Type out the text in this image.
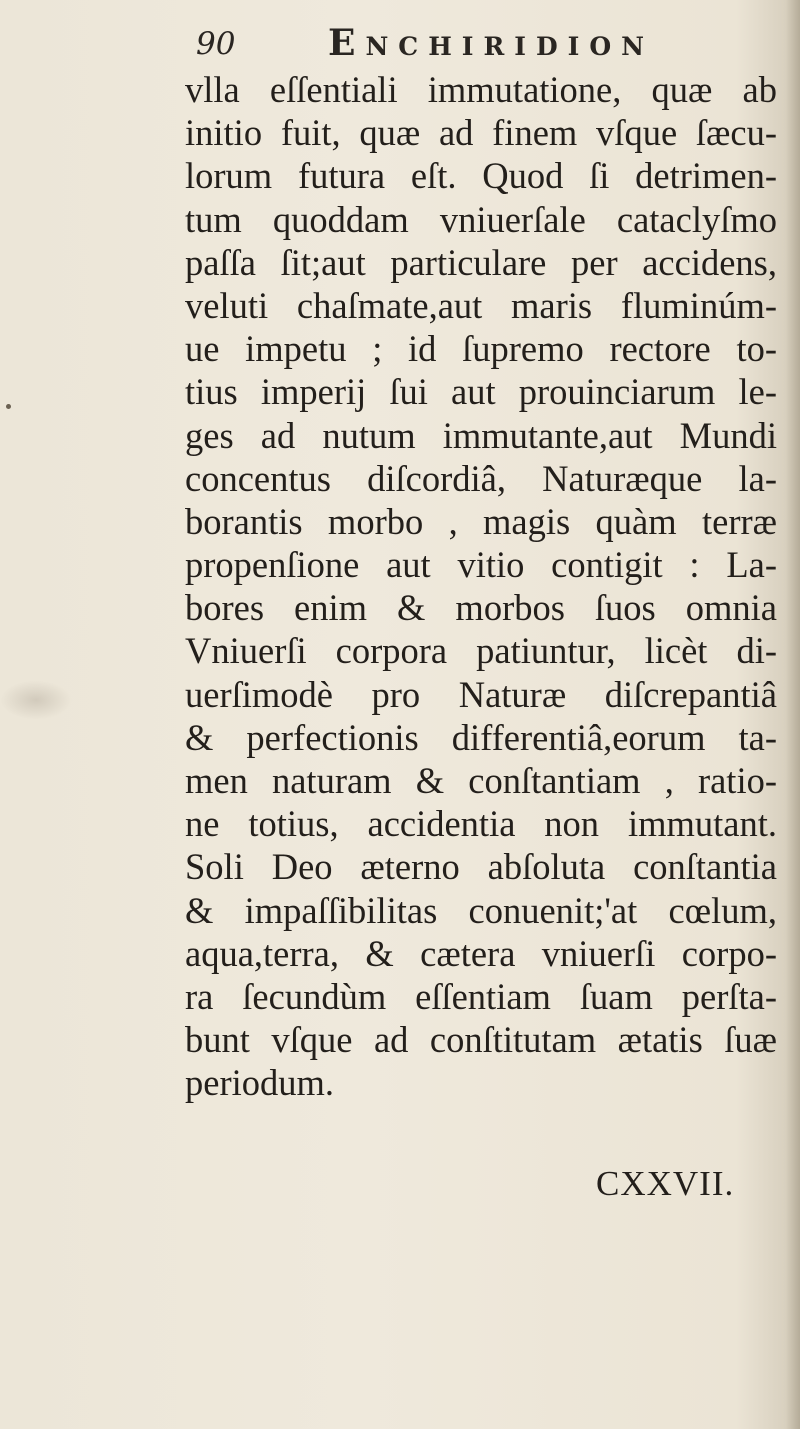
90	Enchiridion
vlla eſſentiali immutatione, quæ ab
initio fuit, quæ ad finem vſque ſæcu-
lorum futura eſt. Quod ſi detrimen-
tum quoddam vniuerſale cataclyſmo
paſſa ſit;aut particulare per accidens,
veluti chaſmate,aut maris fluminúm-
ue impetu ; id ſupremo rectore to-
tius imperij ſui aut prouinciarum le-
ges ad nutum immutante,aut Mundi
concentus diſcordiâ, Naturæque la-
borantis morbo , magis quàm terræ
propenſione aut vitio contigit : La-
bores enim & morbos ſuos omnia
Vniuerſi corpora patiuntur, licèt di-
uerſimodè pro Naturæ diſcrepantiâ
& perfectionis differentiâ,eorum ta-
men naturam & conſtantiam , ratio-
ne totius, accidentia non immutant.
Soli Deo æterno abſoluta conſtantia
& impaſſibilitas conuenit;'at cœlum,
aqua,terra, & cætera vniuerſi corpo-
ra ſecundùm eſſentiam ſuam perſta-
bunt vſque ad conſtitutam ætatis ſuæ
periodum.
CXXVII.
